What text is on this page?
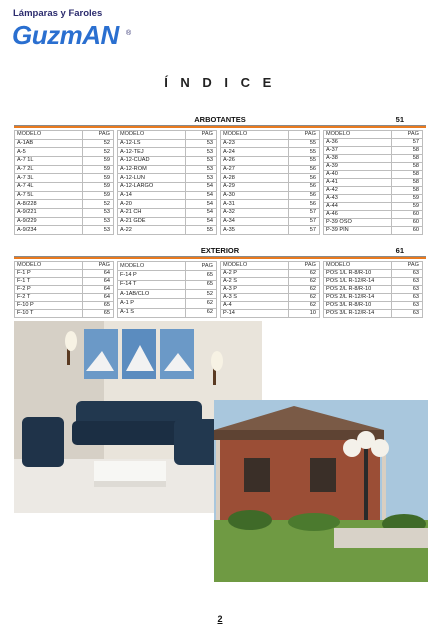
Lámparas y Faroles
GuzmAN ®
Í N D I C E
ARBOTANTES	51
MODELO	PAG
A-1AB	52
A-5	52
A-7 1L	59
A-7 2L	59
A-7 3L	59
A-7 4L	59
A-7 5L	59
A-8/228	52
A-9/221	53
A-9/229	53
A-9/234	53
MODELO	PAG
A-12-LS	53
A-12-TEJ	53
A-12-CUAD	53
A-12-ROM	53
A-12-LUN	53
A-12-LARGO	54
A-14	54
A-20	54
A-21 CH	54
A-21 GDE	54
A-22	55
MODELO	PAG
A-23	55
A-24	55
A-26	55
A-27	56
A-28	56
A-29	56
A-30	56
A-31	56
A-32	57
A-34	57
A-35	57
MODELO	PAG
A-36	57
A-37	58
A-38	58
A-39	58
A-40	58
A-41	58
A-42	58
A-43	59
A-44	59
A-46	60
P-39 OSO	60
P-39 PIN	60
EXTERIOR	61
MODELO	PAG
F-1 P	64
F-1 T	64
F-2 P	64
F-2 T	64
F-10 P	65
F-10 T	65
MODELO	PAG
F-14 P	65
F-14 T	65
A-1AB/CLO	52
A-1 P	62
A-1 S	62
MODELO	PAG
A-2 P	62
A-2 S	62
A-3 P	62
A-3 S	62
A-4	62
P-14	10
MODELO	PAG
POS 1/L R-8/R-10	63
POS 1/L R-12/R-14	63
POS 2/L R-8/R-10	63
POS 2/L R-12/R-14	63
POS 3/L R-8/R-10	63
POS 3/L R-12/R-14	63
2
